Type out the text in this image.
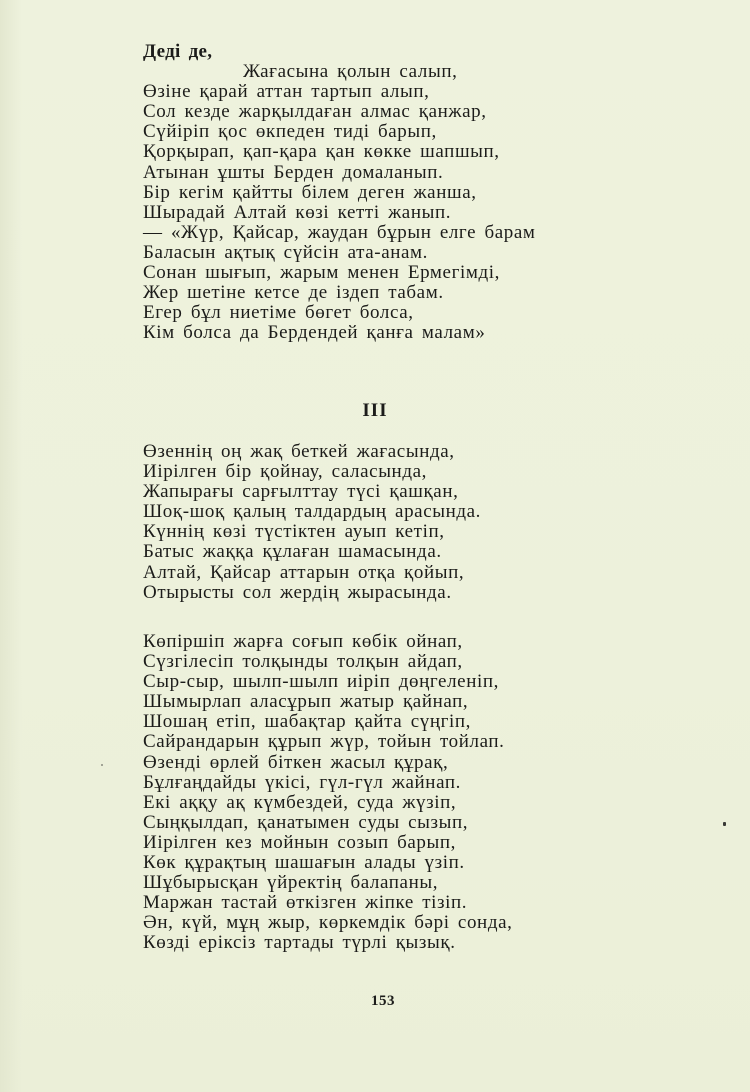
Деді де,
Жағасына қолын салып,
Өзіне қарай аттан тартып алып,
Сол кезде жарқылдаған алмас қанжар,
Сүйіріп қос өкпеден тиді барып,
Қорқырап, қап-қара қан көкке шапшып,
Атынан ұшты Берден домаланып.
Бір кегім қайтты білем деген жанша,
Шырадай Алтай көзі кетті жанып.
— «Жүр, Қайсар, жаудан бұрын елге барам
Баласын ақтық сүйсін ата-анам.
Сонан шығып, жарым менен Ермегімді,
Жер шетіне кетсе де іздеп табам.
Егер бұл ниетіме бөгет болса,
Кім болса да Бердендей қанға малам»
III
Өзеннің оң жақ беткей жағасында,
Иірілген бір қойнау, саласында,
Жапырағы сарғылттау түсі қашқан,
Шоқ-шоқ қалың талдардың арасында.
Күннің көзі түстіктен ауып кетіп,
Батыс жаққа құлаған шамасында.
Алтай, Қайсар аттарын отқа қойып,
Отырысты сол жердің жырасында.
Көпіршіп жарға соғып көбік ойнап,
Сүзгілесіп толқынды толқын айдап,
Сыр-сыр, шылп-шылп иіріп дөңгеленіп,
Шымырлап аласұрып жатыр қайнап,
Шошаң етіп, шабақтар қайта сүңгіп,
Сайрандарын құрып жүр, тойын тойлап.
Өзенді өрлей біткен жасыл құрақ,
Бұлғаңдайды үкісі, гүл-гүл жайнап.
Екі аққу ақ күмбездей, суда жүзіп,
Сыңқылдап, қанатымен суды сызып,
Иірілген кез мойнын созып барып,
Көк құрақтың шашағын алады үзіп.
Шұбырысқан үйректің балапаны,
Маржан тастай өткізген жіпке тізіп.
Ән, күй, мұң жыр, көркемдік бәрі сонда,
Көзді еріксіз тартады түрлі қызық.
153
